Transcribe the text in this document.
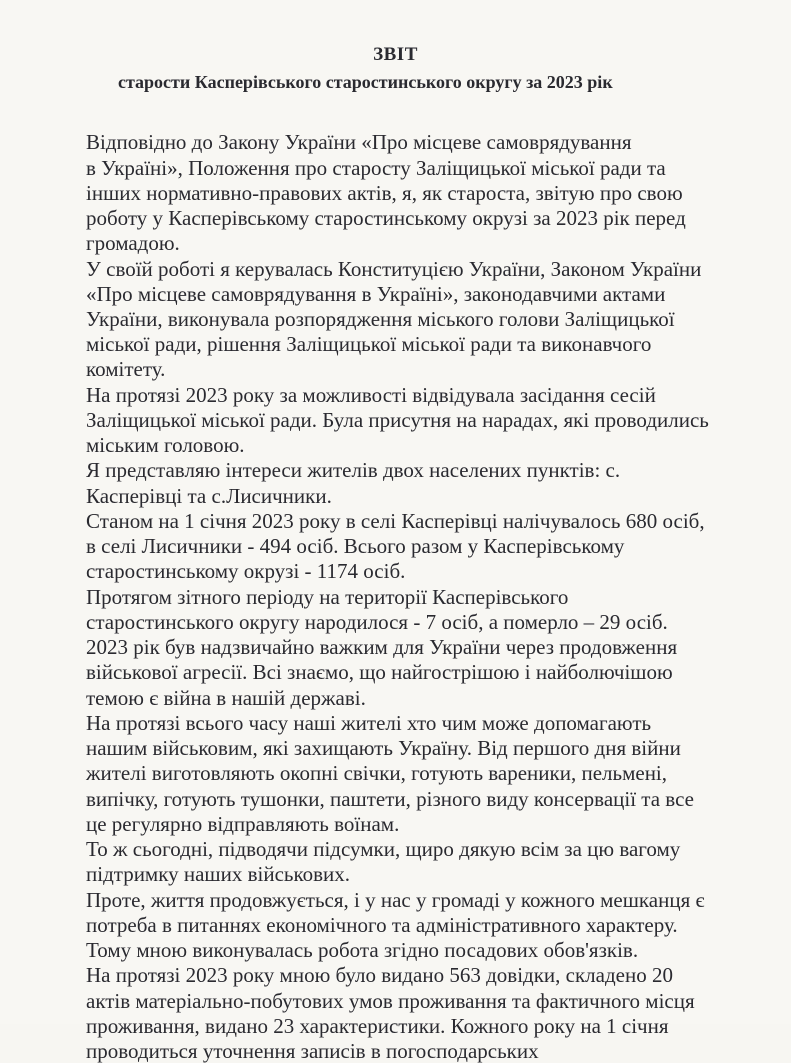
ЗВІТ
старости Касперівського старостинського округу за 2023 рік
Відповідно до Закону України «Про місцеве самоврядування
в Україні», Положення про старосту Заліщицької міської ради та
інших нормативно-правових актів, я, як староста, звітую про свою
роботу у Касперівському старостинському окрузі за 2023 рік перед
громадою.
У своїй роботі я керувалась Конституцією України, Законом України
«Про місцеве самоврядування в Україні», законодавчими актами
України, виконувала розпорядження міського голови Заліщицької
міської ради, рішення Заліщицької міської ради та виконавчого
комітету.
На протязі 2023 року за можливості відвідувала засідання сесій
Заліщицької міської ради. Була присутня на нарадах, які проводились
міським головою.
Я представляю інтереси жителів двох населених пунктів: с.
Касперівці та с.Лисичники.
Станом на 1 січня 2023 року в селі Касперівці налічувалось 680 осіб,
в селі Лисичники - 494 осіб. Всього разом у Касперівському
старостинському окрузі - 1174 осіб.
Протягом зітного періоду на території Касперівського
старостинського округу народилося - 7 осіб, а померло – 29 осіб.
2023 рік був надзвичайно важким для України через продовження
військової агресії. Всі знаємо, що найгострішою і найболючішою
темою є війна в нашій державі.
На протязі всього часу наші жителі хто чим може допомагають
нашим військовим, які захищають Україну. Від першого дня війни
жителі виготовляють окопні свічки, готують вареники, пельмені,
випічку, готують тушонки, паштети, різного виду консервації та все
це регулярно відправляють воїнам.
То ж сьогодні, підводячи підсумки, щиро дякую всім за цю вагому
підтримку наших військових.
Проте, життя продовжується, і у нас у громаді у кожного мешканця є
потреба в питаннях економічного та адміністративного характеру.
Тому мною виконувалась робота згідно посадових обов'язків.
На протязі 2023 року мною було видано 563 довідки, складено 20
актів матеріально-побутових умов проживання та фактичного місця
проживання, видано 23 характеристики. Кожного року на 1 січня
проводиться уточнення записів в погосподарських
